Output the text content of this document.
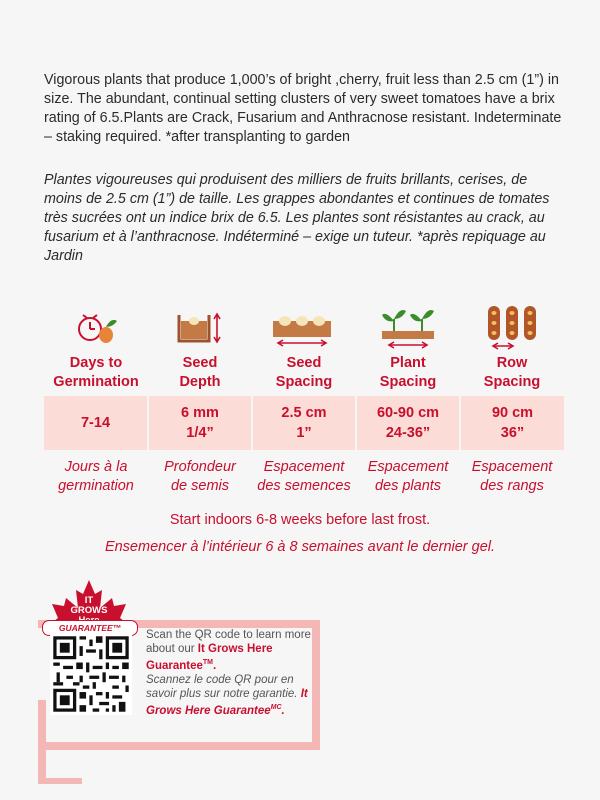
Vigorous plants that produce 1,000’s of bright ,cherry, fruit less than 2.5 cm (1”) in size. The abundant, continual setting clusters of very sweet tomatoes have a brix rating of 6.5.Plants are Crack, Fusarium and Anthracnose resistant. Indeterminate – staking required. *after transplanting to garden

Plantes vigoureuses qui produisent des milliers de fruits brillants, cerises, de moins de 2.5 cm (1”) de taille. Les grappes abondantes et continues de tomates très sucrées ont un indice brix de 6.5. Les plantes sont résistantes au crack, au fusarium et à l’anthracnose. Indéterminé – exige un tuteur. *après repiquage au Jardin

Days to
Germination
Seed
Depth
Seed
Spacing
Plant
Spacing
Row
Spacing
7-14
6 mm
1/4”
2.5 cm
1”
60-90 cm
24-36”
90 cm
36”
Jours à la
germination
Profondeur
de semis
Espacement
des semences
Espacement
des plants
Espacement
des rangs
Start indoors 6-8 weeks before last frost.
Ensemencer à l’intérieur 6 à 8 semaines avant le dernier gel.
IT
GROWS
GUARANTEE™
Scan the QR code to learn more about our It Grows Here Guarantee™.
Scannez le code QR pour en savoir plus sur notre garantie. It Grows Here Guarantee$^{MC}$.
